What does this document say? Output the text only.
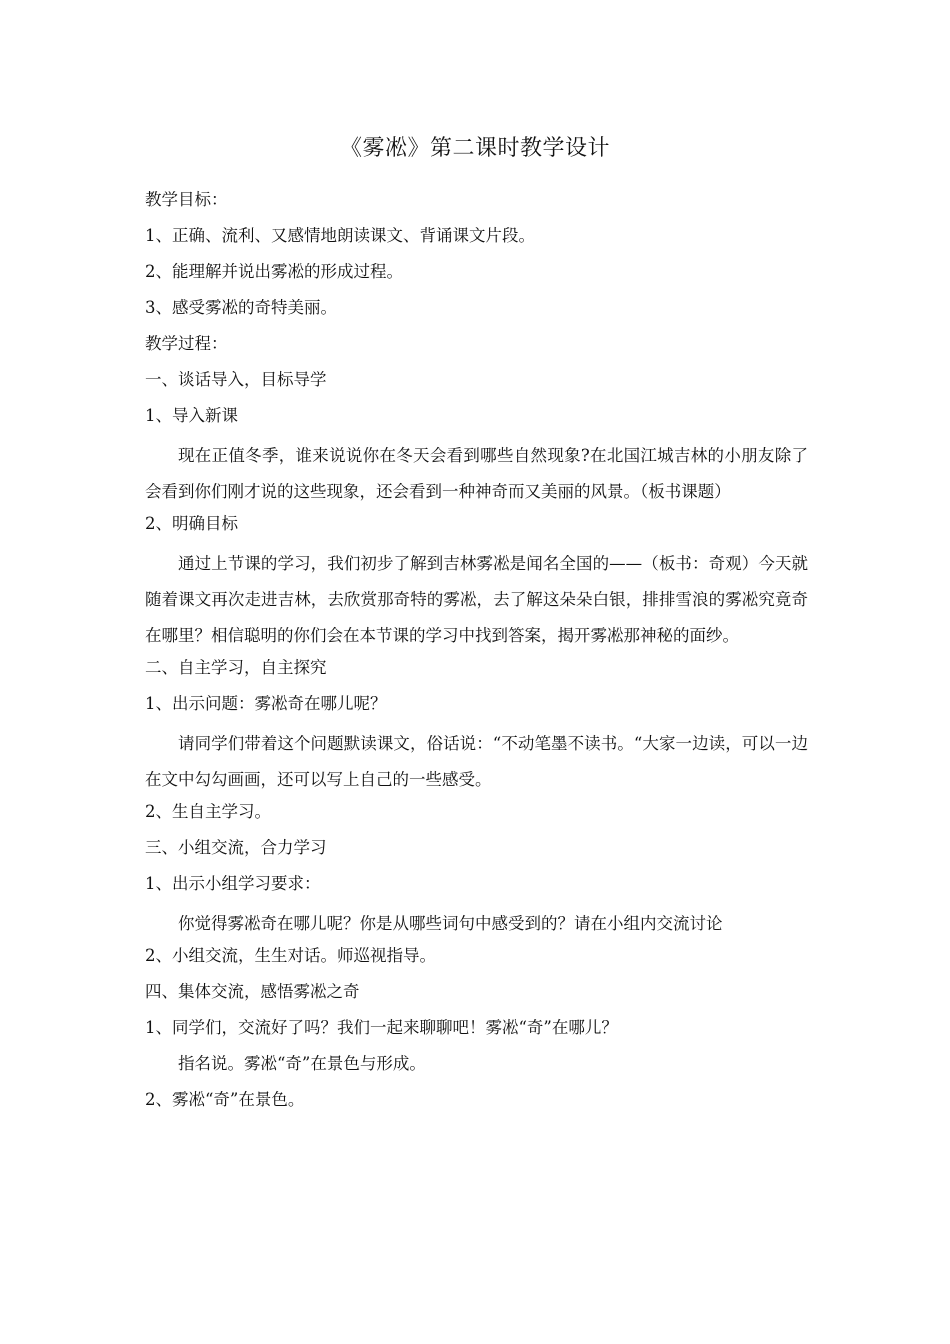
《雾凇》第二课时教学设计

教学目标：

1、正确、流利、又感情地朗读课文、背诵课文片段。

2、能理解并说出雾凇的形成过程。

3、感受雾凇的奇特美丽。

教学过程：

一、谈话导入，目标导学

1、导入新课

现在正值冬季，谁来说说你在冬天会看到哪些自然现象?在北国江城吉林的小朋友除了会看到你们刚才说的这些现象，还会看到一种神奇而又美丽的风景。（板书课题）

2、明确目标

通过上节课的学习，我们初步了解到吉林雾凇是闻名全国的——（板书：奇观）今天就随着课文再次走进吉林，去欣赏那奇特的雾凇，去了解这朵朵白银，排排雪浪的雾凇究竟奇在哪里？相信聪明的你们会在本节课的学习中找到答案，揭开雾凇那神秘的面纱。

二、自主学习，自主探究

1、出示问题：雾凇奇在哪儿呢？

请同学们带着这个问题默读课文，俗话说：“不动笔墨不读书。“大家一边读，可以一边在文中勾勾画画，还可以写上自己的一些感受。

2、生自主学习。

三、小组交流，合力学习

1、出示小组学习要求：

你觉得雾凇奇在哪儿呢？你是从哪些词句中感受到的？请在小组内交流讨论

2、小组交流，生生对话。师巡视指导。

四、集体交流，感悟雾凇之奇

1、同学们，交流好了吗？我们一起来聊聊吧！雾凇“奇”在哪儿？

指名说。雾凇“奇”在景色与形成。

2、雾凇“奇”在景色。
